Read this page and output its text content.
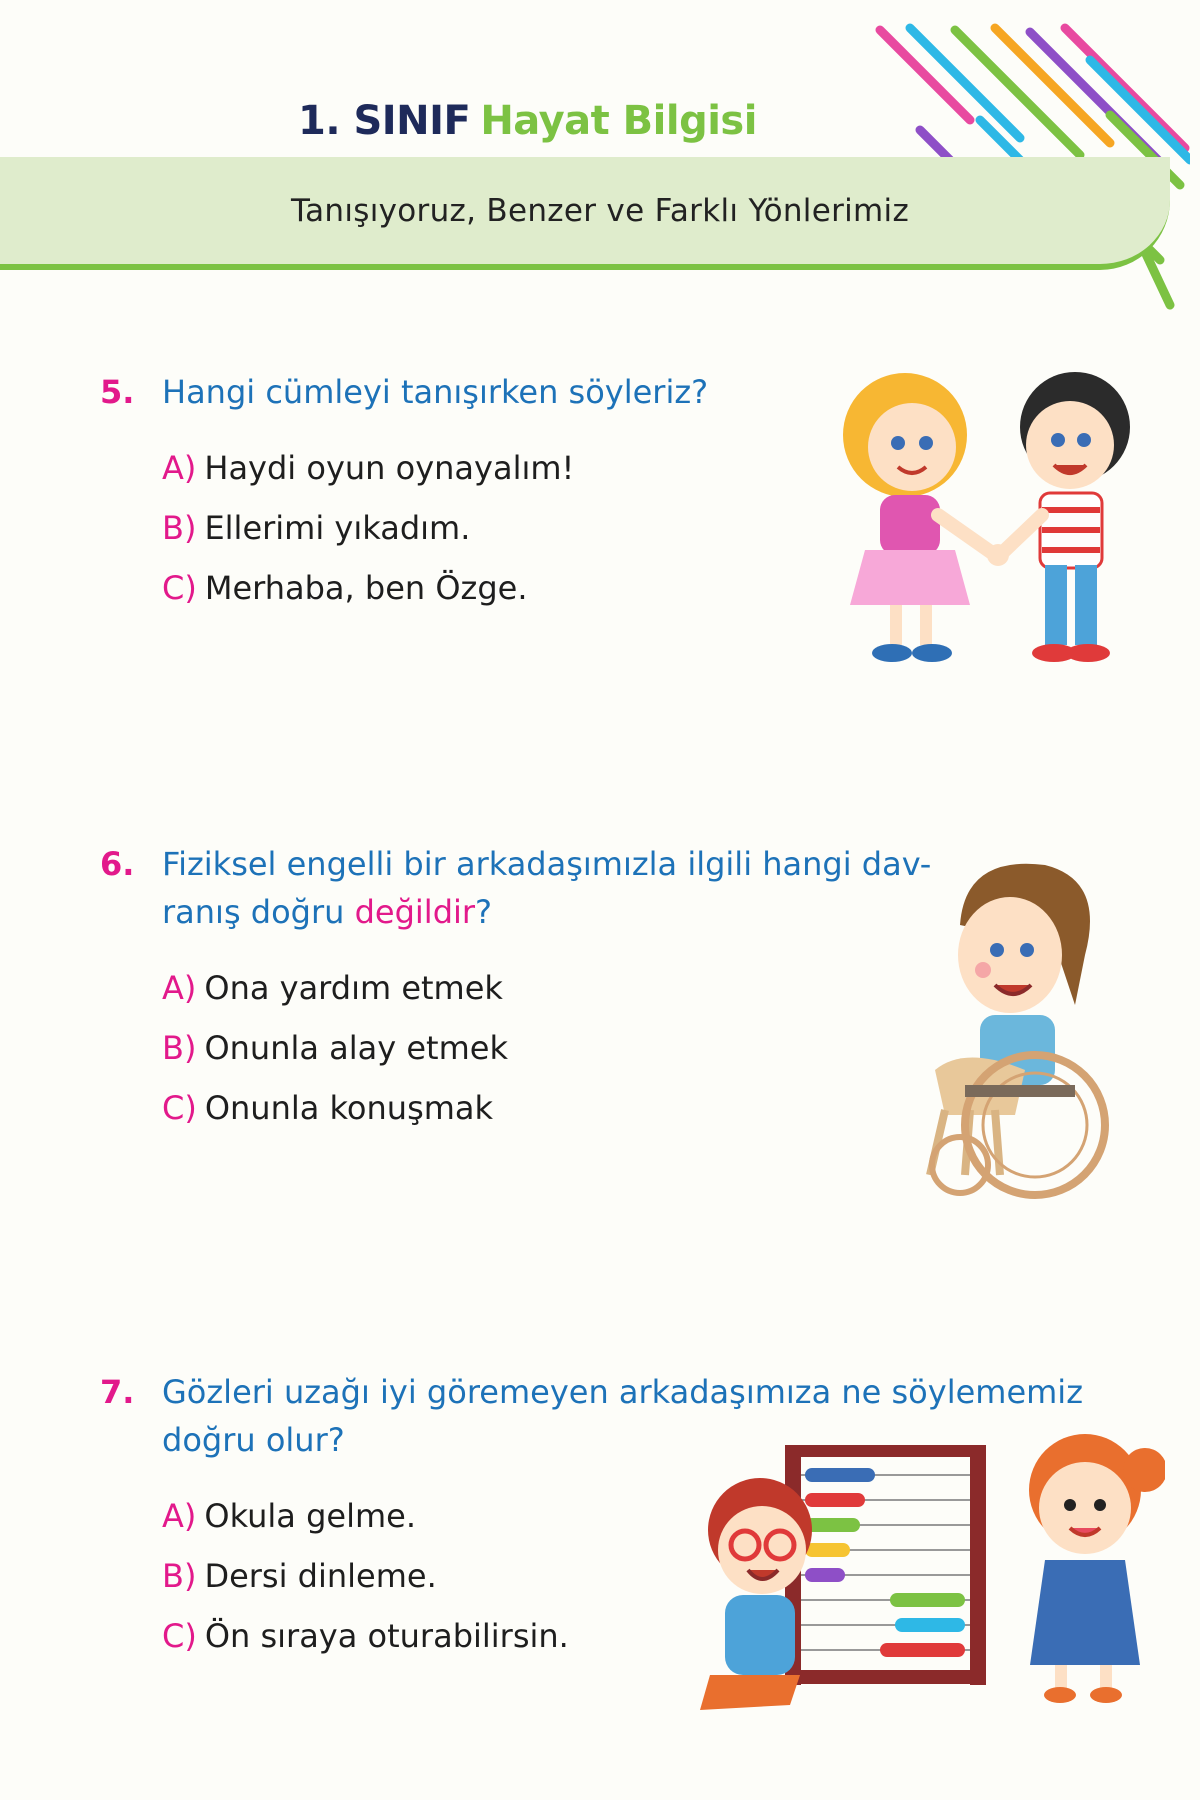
1. SINIF Hayat Bilgisi
Tanışıyoruz, Benzer ve Farklı Yönlerimiz
5. Hangi cümleyi tanışırken söyleriz?
A) Haydi oyun oynayalım!
B) Ellerimi yıkadım.
C) Merhaba, ben Özge.
6. Fiziksel engelli bir arkadaşımızla ilgili hangi dav-
ranış doğru değildir?
A) Ona yardım etmek
B) Onunla alay etmek
C) Onunla konuşmak
7. Gözleri uzağı iyi göremeyen arkadaşımıza ne söylememiz
doğru olur?
A) Okula gelme.
B) Dersi dinleme.
C) Ön sıraya oturabilirsin.
